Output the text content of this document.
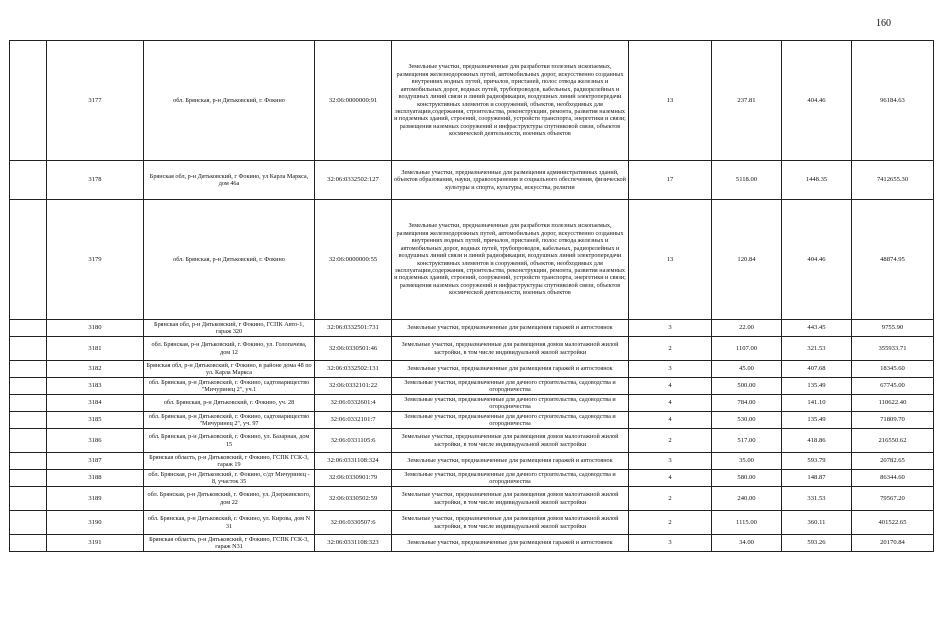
160
	3177	обл. Брянская, р-н Дятьковский, г. Фокино	32:06:0000000:91	Земельные участки, предназначенные для разработки полезных ископаемых, размещения железнодорожных путей, автомобильных дорог, искусственно созданных внутренних водных путей, причалов, пристаней, полос отвода железных и автомобильных дорог, водных путей, трубопроводов, кабельных, радиорелейных и воздушных линий связи и линий радиофикации, воздушных линий электропередачи конструктивных элементов и сооружений, объектов, необходимых для эксплуатации,содержания, строительства, реконструкции, ремонта, развития наземных и подземных зданий, строений, сооружений, устройств транспорта, энергетики и связи; размещения наземных сооружений и инфраструктуры спутниковой связи, объектов космической деятельности, военных объектов	13	237.81	404.46	96184.63
	3178	Брянская обл, р-н Дятьковский, г Фокино, ул Карла Маркса, дом 46а	32:06:0332502:127	Земельные участки, предназначенные для размещения административных зданий, объектов образования, науки, здравоохранения и социального обеспечения, физической культуры и спорта, культуры, искусства, религии	17	5118.00	1448.35	7412655.30
	3179	обл. Брянская, р-н Дятьковский, г. Фокино	32:06:0000000:55	Земельные участки, предназначенные для разработки полезных ископаемых, размещения железнодорожных путей, автомобильных дорог, искусственно созданных внутренних водных путей, причалов, пристаней, полос отвода железных и автомобильных дорог, водных путей, трубопроводов, кабельных, радиорелейных и воздушных линий связи и линий радиофикации, воздушных линий электропередачи конструктивных элементов и сооружений, объектов, необходимых для эксплуатации,содержания, строительства, реконструкции, ремонта, развития наземных и подземных зданий, строений, сооружений, устройств транспорта, энергетики и связи; размещения наземных сооружений и инфраструктуры спутниковой связи, объектов космической деятельности, военных объектов	13	120.84	404.46	48874.95
	3180	Брянская обл, р-н Дятьковский, г Фокино, ГСПК Авто-1, гараж 320	32:06:0332501:731	Земельные участки, предназначенные для размещения гаражей и автостоянок	3	22.00	443.45	9755.90
	3181	обл. Брянская, р-н Дятьковский, г. Фокино, ул. Голопачева, дом 12	32:06:0330501:46	Земельные участки, предназначенные для размещения домов малоэтажной жилой застройки, в том числе индивидуальной жилой застройки	2	1107.00	321.53	355933.71
	3182	Брянская обл, р-н Дятьковский, г Фокино, в районе дома 48 по ул. Карла Маркса	32:06:0332502:131	Земельные участки, предназначенные для размещения гаражей и автостоянок	3	45.00	407.68	18345.60
	3183	обл. Брянская, р-н Дятьковский, г. Фокино, садтоварищество "Мичуринец 2", уч.1	32:06:0332101:22	Земельные участки, предназначенные для дачного строительства, садоводства и огородничества	4	500.00	135.49	67745.00
	3184	обл. Брянская, р-н Дятьковский, г. Фокино, уч. 28	32:06:0332601:4	Земельные участки, предназначенные для дачного строительства, садоводства и огородничества	4	784.00	141.10	110622.40
	3185	обл. Брянская, р-н Дятьковский, г. Фокино, садтоварищество "Мичуринец 2", уч. 97	32:06:0332101:7	Земельные участки, предназначенные для дачного строительства, садоводства и огородничества	4	530.00	135.49	71809.70
	3186	обл. Брянская, р-н Дятьковский, г. Фокино, ул. Базарная, дом 15	32:06:0331105:6	Земельные участки, предназначенные для размещения домов малоэтажной жилой застройки, в том числе индивидуальной жилой застройки	2	517.00	418.86	216550.62
	3187	Брянская область, р-н Дятьковский, г Фокино, ГСПК ГСК-3, гараж 19	32:06:0331108:324	Земельные участки, предназначенные для размещения гаражей и автостоянок	3	35.00	593.79	20782.65
	3188	обл. Брянская, р-н Дятьковский, г. Фокино, с/дт Мичуринец - 8, участок 35	32:06:0330901:79	Земельные участки, предназначенные для дачного строительства, садоводства и огородничества	4	580.00	148.87	86344.60
	3189	обл. Брянская, р-н Дятьковский, г. Фокино, ул. Дзержинского, дом 22	32:06:0330502:59	Земельные участки, предназначенные для размещения домов малоэтажной жилой застройки, в том числе индивидуальной жилой застройки	2	240.00	331.53	79567.20
	3190	обл. Брянская, р-н Дятьковский, г. Фокино, ул. Кирова, дом N 31	32:06:0330507:6	Земельные участки, предназначенные для размещения домов малоэтажной жилой застройки, в том числе индивидуальной жилой застройки	2	1115.00	360.11	401522.65
	3191	Брянская область, р-н Дятьковский, г Фокино, ГСПК ГСК-3, гараж N31	32:06:0331108:323	Земельные участки, предназначенные для размещения гаражей и автостоянок	3	34.00	593.26	20170.84
